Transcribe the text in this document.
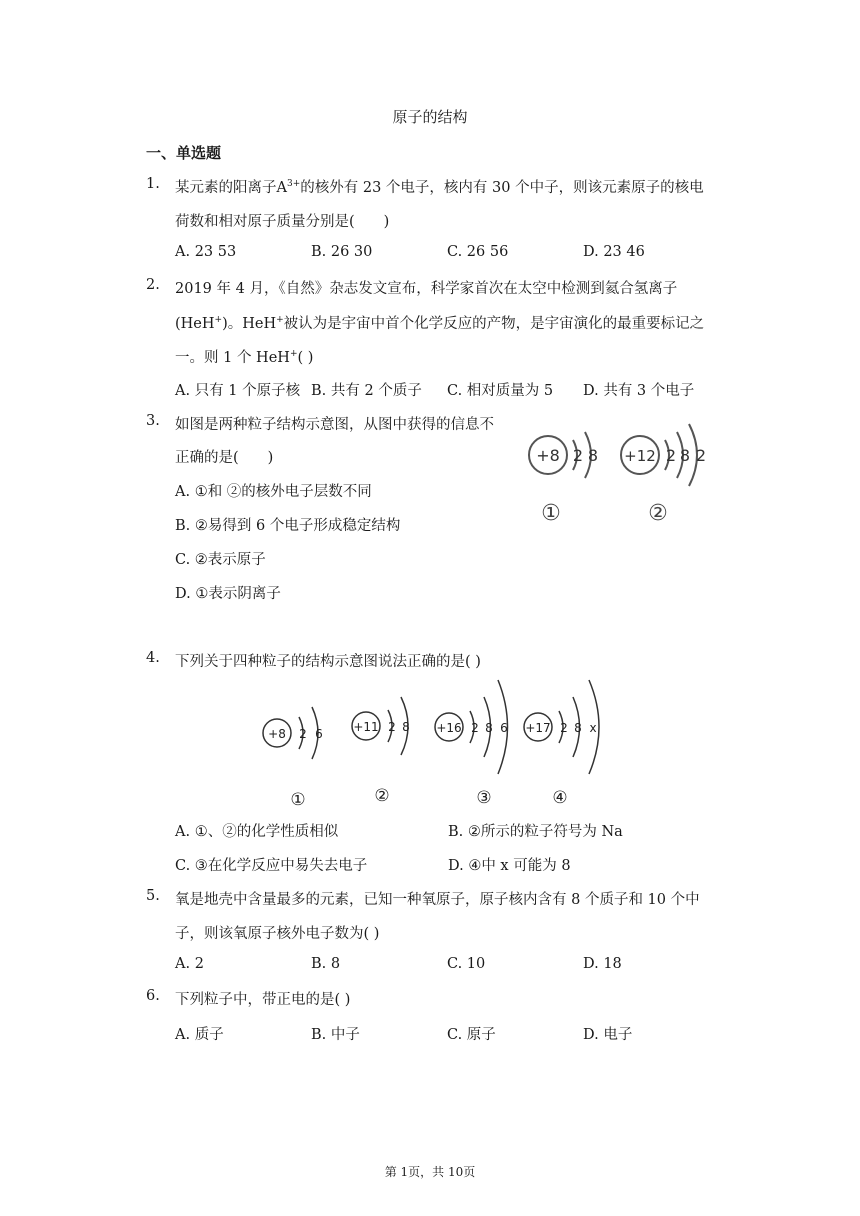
原子的结构
一、单选题
1. 某元素的阳离子$A^{3+}$的核外有 23 个电子，核内有 30 个中子，则该元素原子的核电
荷数和相对原子质量分别是(　　)
A. 23 53	B. 26 30	C. 26 56	D. 23 46
2. 2019 年 4 月，《自然》杂志发文宣布，科学家首次在太空中检测到氦合氢离子
(HeH+)。HeH+被认为是宇宙中首个化学反应的产物，是宇宙演化的最重要标记之
一。则 1 个 HeH+( )
A. 只有 1 个原子核 B. 共有 2 个质子 C. 相对质量为 5 D. 共有 3 个电子
3. 如图是两种粒子结构示意图，从图中获得的信息不
正确的是(　　)
A. ①和 ②的核外电子层数不同
B. ②易得到 6 个电子形成稳定结构
C. ②表示原子
D. ①表示阴离子
+8 2 8
①
+12 2 8 2
②
4. 下列关于四种粒子的结构示意图说法正确的是( )
+8 2 6
①
+11 2 8
②
+16 2 8 6
③
+17 2 8 x
④
A. ①、②的化学性质相似	B. ②所示的粒子符号为 Na
C. ③在化学反应中易失去电子	D. ④中 x 可能为 8
5. 氧是地壳中含量最多的元素，已知一种氧原子，原子核内含有 8 个质子和 10 个中
子，则该氧原子核外电子数为( )
A. 2	B. 8	C. 10	D. 18
6. 下列粒子中，带正电的是( )
A. 质子	B. 中子	C. 原子	D. 电子
第 1页，共 10页
